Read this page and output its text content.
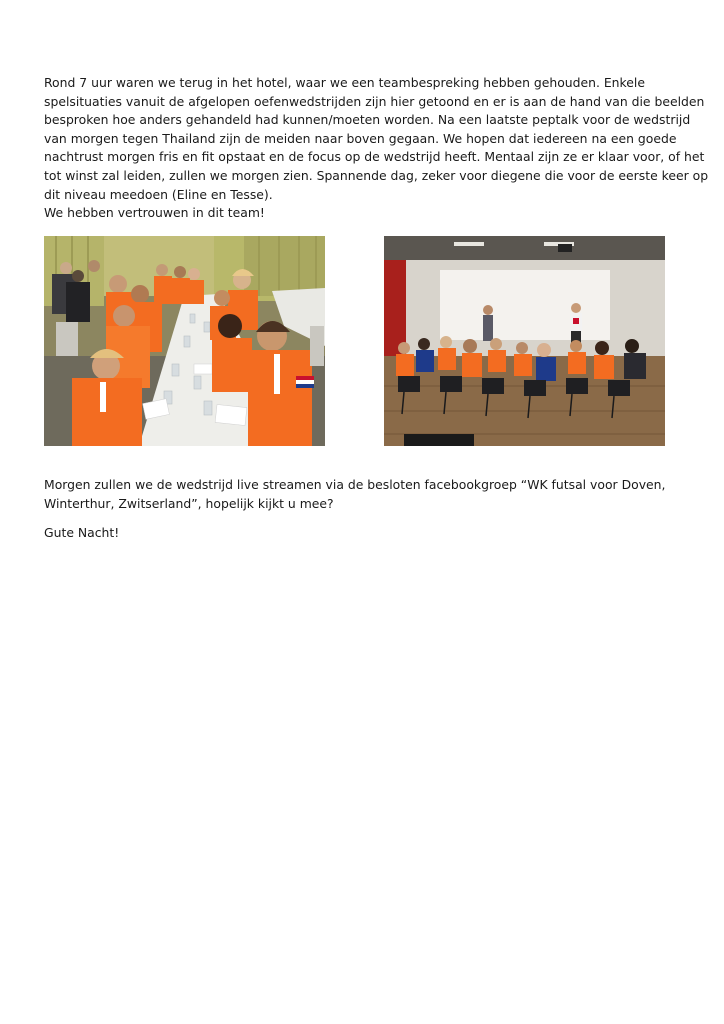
Rond 7 uur waren we terug in het hotel, waar we een teambespreking hebben gehouden. Enkele
spelsituaties vanuit de afgelopen oefenwedstrijden zijn hier getoond en er is aan de hand van die beelden
besproken hoe anders gehandeld had kunnen/moeten worden. Na een laatste peptalk voor de wedstrijd
van morgen tegen Thailand zijn de meiden naar boven gegaan. We hopen dat iedereen na een goede
nachtrust morgen fris en fit opstaat en de focus op de wedstrijd heeft. Mentaal zijn ze er klaar voor, of het
tot winst zal leiden, zullen we morgen zien. Spannende dag, zeker voor diegene die voor de eerste keer op
dit niveau meedoen (Eline en Tesse).
We hebben vertrouwen in dit team!
Morgen zullen we de wedstrijd live streamen via de besloten facebookgroep “WK futsal voor Doven,
Winterthur, Zwitserland”, hopelijk kijkt u mee?
Gute Nacht!
